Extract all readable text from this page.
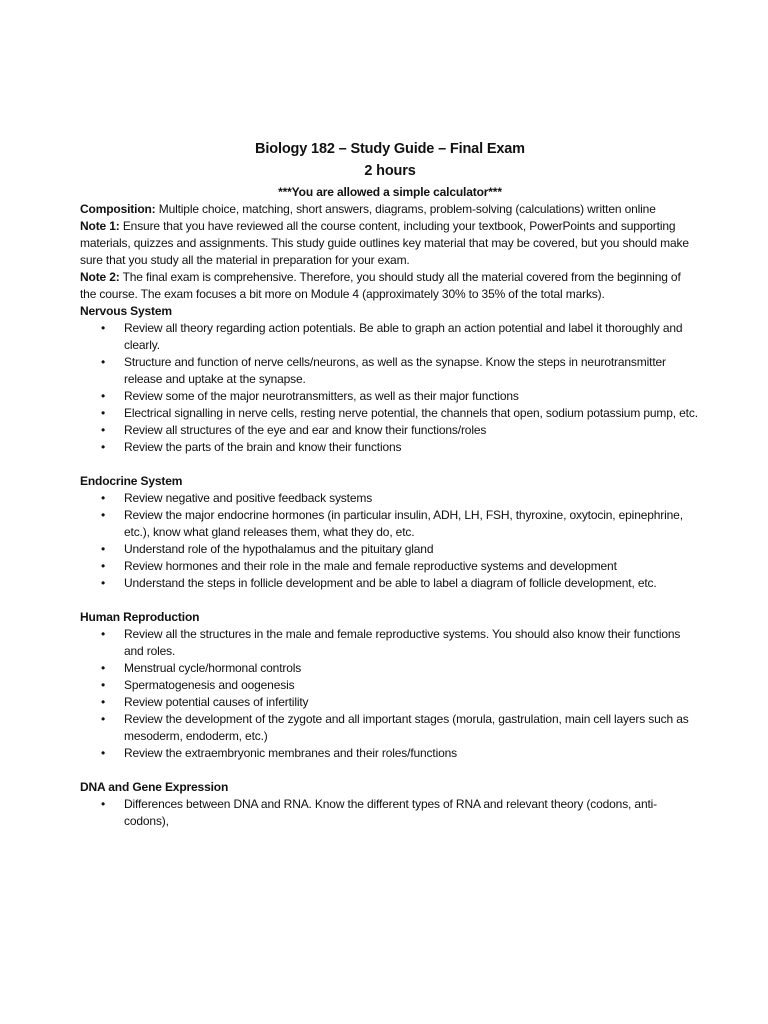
Biology 182 – Study Guide – Final Exam
2 hours
***You are allowed a simple calculator***

Composition: Multiple choice, matching, short answers, diagrams, problem-solving (calculations) written online

Note 1: Ensure that you have reviewed all the course content, including your textbook, PowerPoints and supporting materials, quizzes and assignments. This study guide outlines key material that may be covered, but you should make sure that you study all the material in preparation for your exam.

Note 2: The final exam is comprehensive. Therefore, you should study all the material covered from the beginning of the course. The exam focuses a bit more on Module 4 (approximately 30% to 35% of the total marks).

Nervous System
• Review all theory regarding action potentials. Be able to graph an action potential and label it thoroughly and clearly.
• Structure and function of nerve cells/neurons, as well as the synapse. Know the steps in neurotransmitter release and uptake at the synapse.
• Review some of the major neurotransmitters, as well as their major functions
• Electrical signalling in nerve cells, resting nerve potential, the channels that open, sodium potassium pump, etc.
• Review all structures of the eye and ear and know their functions/roles
• Review the parts of the brain and know their functions
Endocrine System
• Review negative and positive feedback systems
• Review the major endocrine hormones (in particular insulin, ADH, LH, FSH, thyroxine, oxytocin, epinephrine, etc.), know what gland releases them, what they do, etc.
• Understand role of the hypothalamus and the pituitary gland
• Review hormones and their role in the male and female reproductive systems and development
• Understand the steps in follicle development and be able to label a diagram of follicle development, etc.
Human Reproduction
• Review all the structures in the male and female reproductive systems. You should also know their functions and roles.
• Menstrual cycle/hormonal controls
• Spermatogenesis and oogenesis
• Review potential causes of infertility
• Review the development of the zygote and all important stages (morula, gastrulation, main cell layers such as mesoderm, endoderm, etc.)
• Review the extraembryonic membranes and their roles/functions
DNA and Gene Expression
• Differences between DNA and RNA. Know the different types of RNA and relevant theory (codons, anti-codons),
